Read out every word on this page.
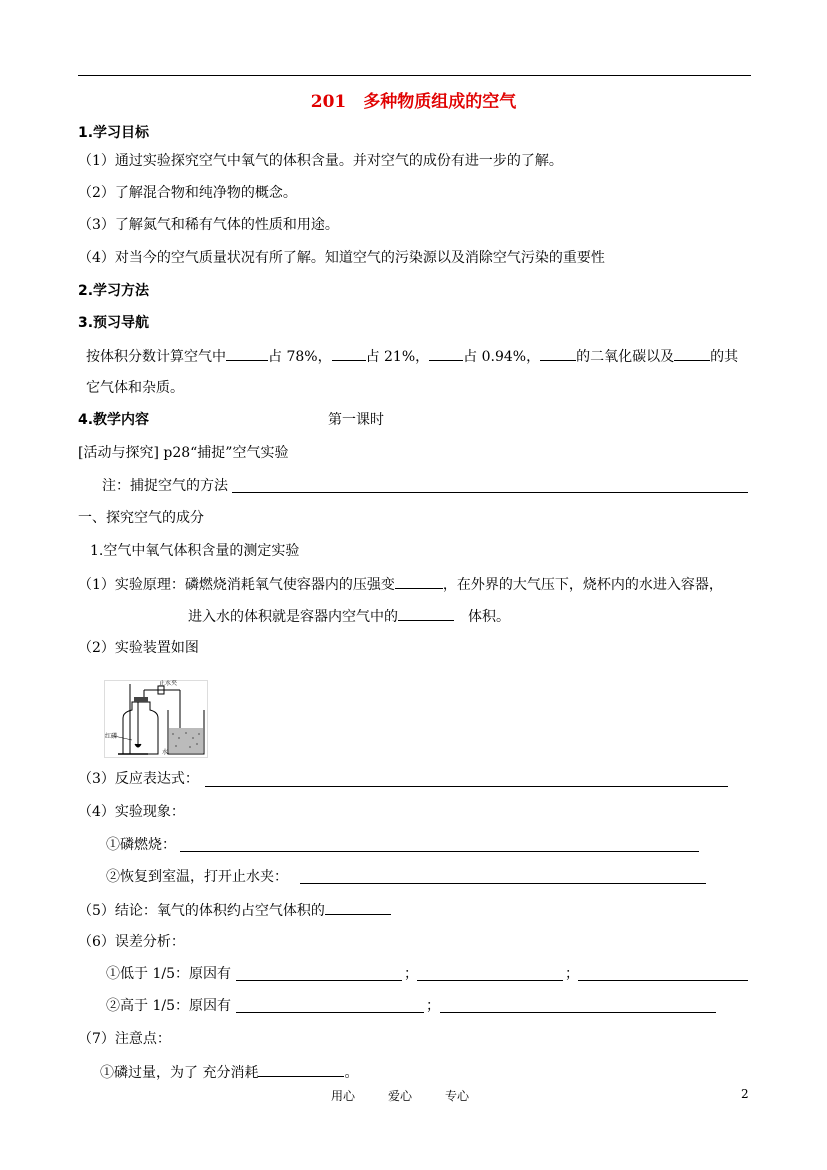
201　多种物质组成的空气
1.学习目标
（1）通过实验探究空气中氧气的体积含量。并对空气的成份有进一步的了解。
（2）了解混合物和纯净物的概念。
（3）了解氮气和稀有气体的性质和用途。
（4）对当今的空气质量状况有所了解。知道空气的污染源以及消除空气污染的重要性
2.学习方法
3.预习导航
按体积分数计算空气中	占 78%， 占 21%， 占 0.94%，	的二氧化碳以及	的其
它气体和杂质。
4.教学内容	第一课时
[活动与探究] p28“捕捉”空气实验
注：捕捉空气的方法
一、探究空气的成分
1.空气中氧气体积含量的测定实验
（1）实验原理：磷燃烧消耗氧气使容器内的压强变	，在外界的大气压下，烧杯内的水进入容器，
进入水的体积就是容器内空气中的　	体积。
（2）实验装置如图
止水夹
红磷
水
（3）反应表达式：
（4）实验现象：
①磷燃烧：
②恢复到室温，打开止水夹：
（5）结论：氧气的体积约占空气体积的
（6）误差分析：
①低于 1/5：原因有	；	；
②高于 1/5：原因有	；
（7）注意点：
①磷过量，为了 充分消耗	。
用心	爱心	专心	2
